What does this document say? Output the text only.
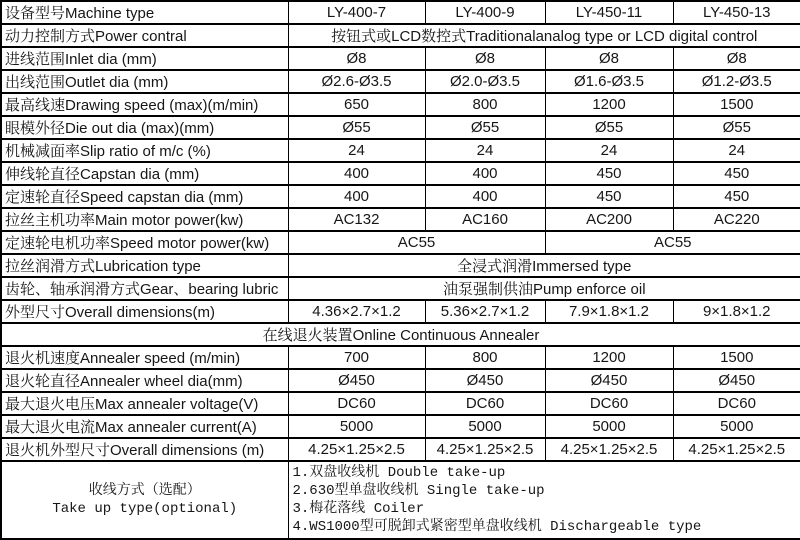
设备型号Machine type	LY-400-7	LY-400-9	LY-450-11	LY-450-13
动力控制方式Power contral	按钮式或LCD数控式Traditionalanalog type or LCD digital control			
进线范围Inlet dia (mm)	Ø8	Ø8	Ø8	Ø8
出线范围Outlet dia (mm)	Ø2.6-Ø3.5	Ø2.0-Ø3.5	Ø1.6-Ø3.5	Ø1.2-Ø3.5
最高线速Drawing speed (max)(m/min)	650	800	1200	1500
眼模外径Die out dia (max)(mm)	Ø55	Ø55	Ø55	Ø55
机械减面率Slip ratio of m/c (%)	24	24	24	24
伸线轮直径Capstan dia (mm)	400	400	450	450
定速轮直径Speed capstan dia (mm)	400	400	450	450
拉丝主机功率Main motor power(kw)	AC132	AC160	AC200	AC220
定速轮电机功率Speed motor power(kw)	AC55		AC55	
拉丝润滑方式Lubrication type	全浸式润滑Immersed type			
齿轮、轴承润滑方式Gear、bearing lubric	油泵强制供油Pump enforce oil			
外型尺寸Overall dimensions(m)	4.36×2.7×1.2	5.36×2.7×1.2	7.9×1.8×1.2	9×1.8×1.2
在线退火装置Online Continuous Annealer				
退火机速度Annealer speed (m/min)	700	800	1200	1500
退火轮直径Annealer wheel dia(mm)	Ø450	Ø450	Ø450	Ø450
最大退火电压Max annealer voltage(V)	DC60	DC60	DC60	DC60
最大退火电流Max annealer current(A)	5000	5000	5000	5000
退火机外型尺寸Overall dimensions (m)	4.25×1.25×2.5	4.25×1.25×2.5	4.25×1.25×2.5	4.25×1.25×2.5

收线方式（选配）
Take up type(optional)

1.双盘收线机 Double take-up
2.630型单盘收线机 Single take-up
3.梅花落线 Coiler
4.WS1000型可脱卸式紧密型单盘收线机 Dischargeable type
